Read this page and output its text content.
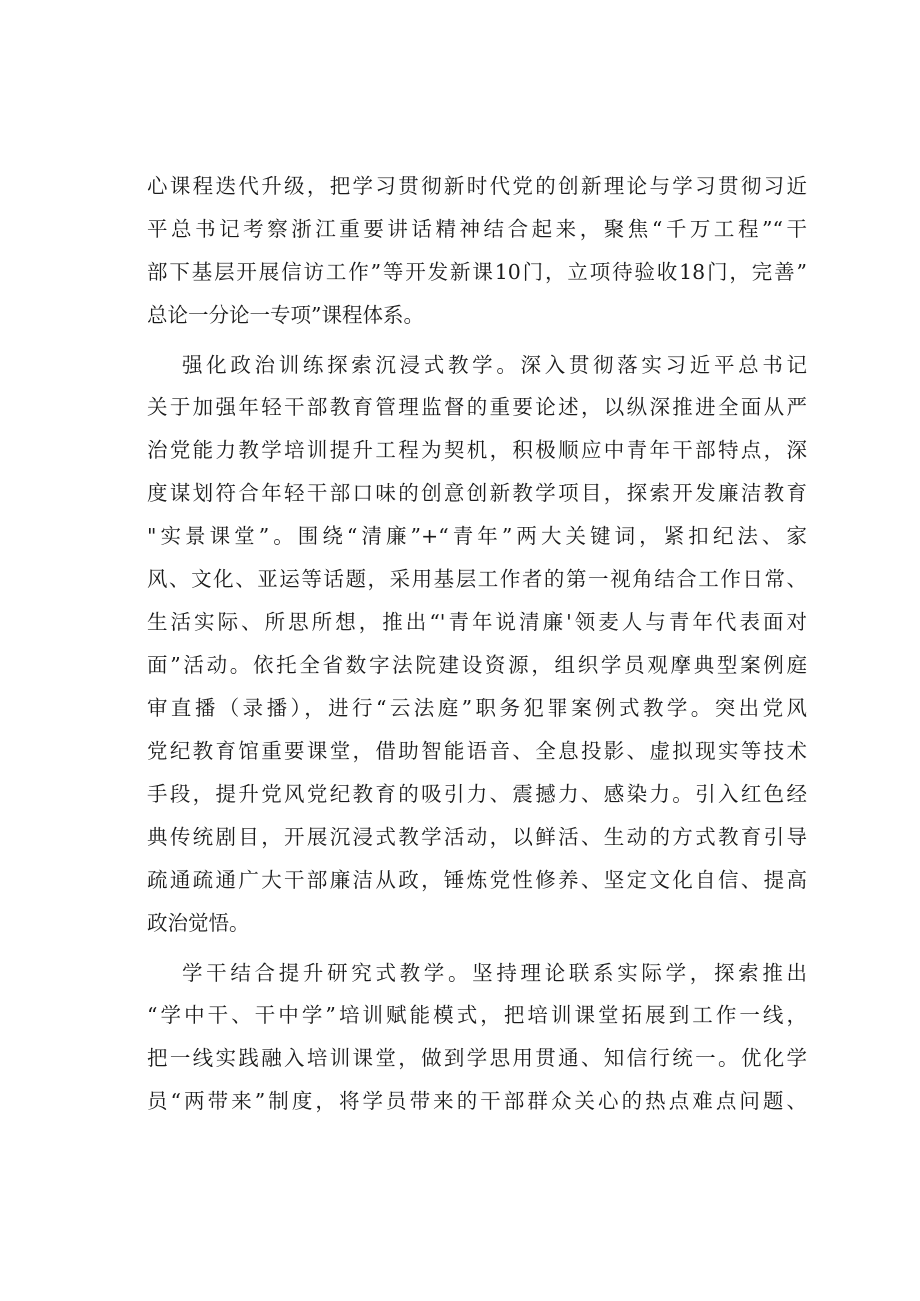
心课程迭代升级，把学习贯彻新时代党的创新理论与学习贯彻习近
平总书记考察浙江重要讲话精神结合起来，聚焦“千万工程”“干
部下基层开展信访工作”等开发新课10门，立项待验收18门，完善”
总论一分论一专项”课程体系。
强化政治训练探索沉浸式教学。深入贯彻落实习近平总书记
关于加强年轻干部教育管理监督的重要论述，以纵深推进全面从严
治党能力教学培训提升工程为契机，积极顺应中青年干部特点，深
度谋划符合年轻干部口味的创意创新教学项目，探索开发廉洁教育
"实景课堂”。围绕“清廉”+“青年”两大关键词，紧扣纪法、家
风、文化、亚运等话题，采用基层工作者的第一视角结合工作日常、
生活实际、所思所想，推出“'青年说清廉'领麦人与青年代表面对
面”活动。依托全省数字法院建设资源，组织学员观摩典型案例庭
审直播（录播），进行“云法庭”职务犯罪案例式教学。突出党风
党纪教育馆重要课堂，借助智能语音、全息投影、虚拟现实等技术
手段，提升党风党纪教育的吸引力、震撼力、感染力。引入红色经
典传统剧目，开展沉浸式教学活动，以鲜活、生动的方式教育引导
疏通疏通广大干部廉洁从政，锤炼党性修养、坚定文化自信、提高
政治觉悟。
学干结合提升研究式教学。坚持理论联系实际学，探索推出
“学中干、干中学”培训赋能模式，把培训课堂拓展到工作一线，
把一线实践融入培训课堂，做到学思用贯通、知信行统一。优化学
员“两带来”制度，将学员带来的干部群众关心的热点难点问题、
